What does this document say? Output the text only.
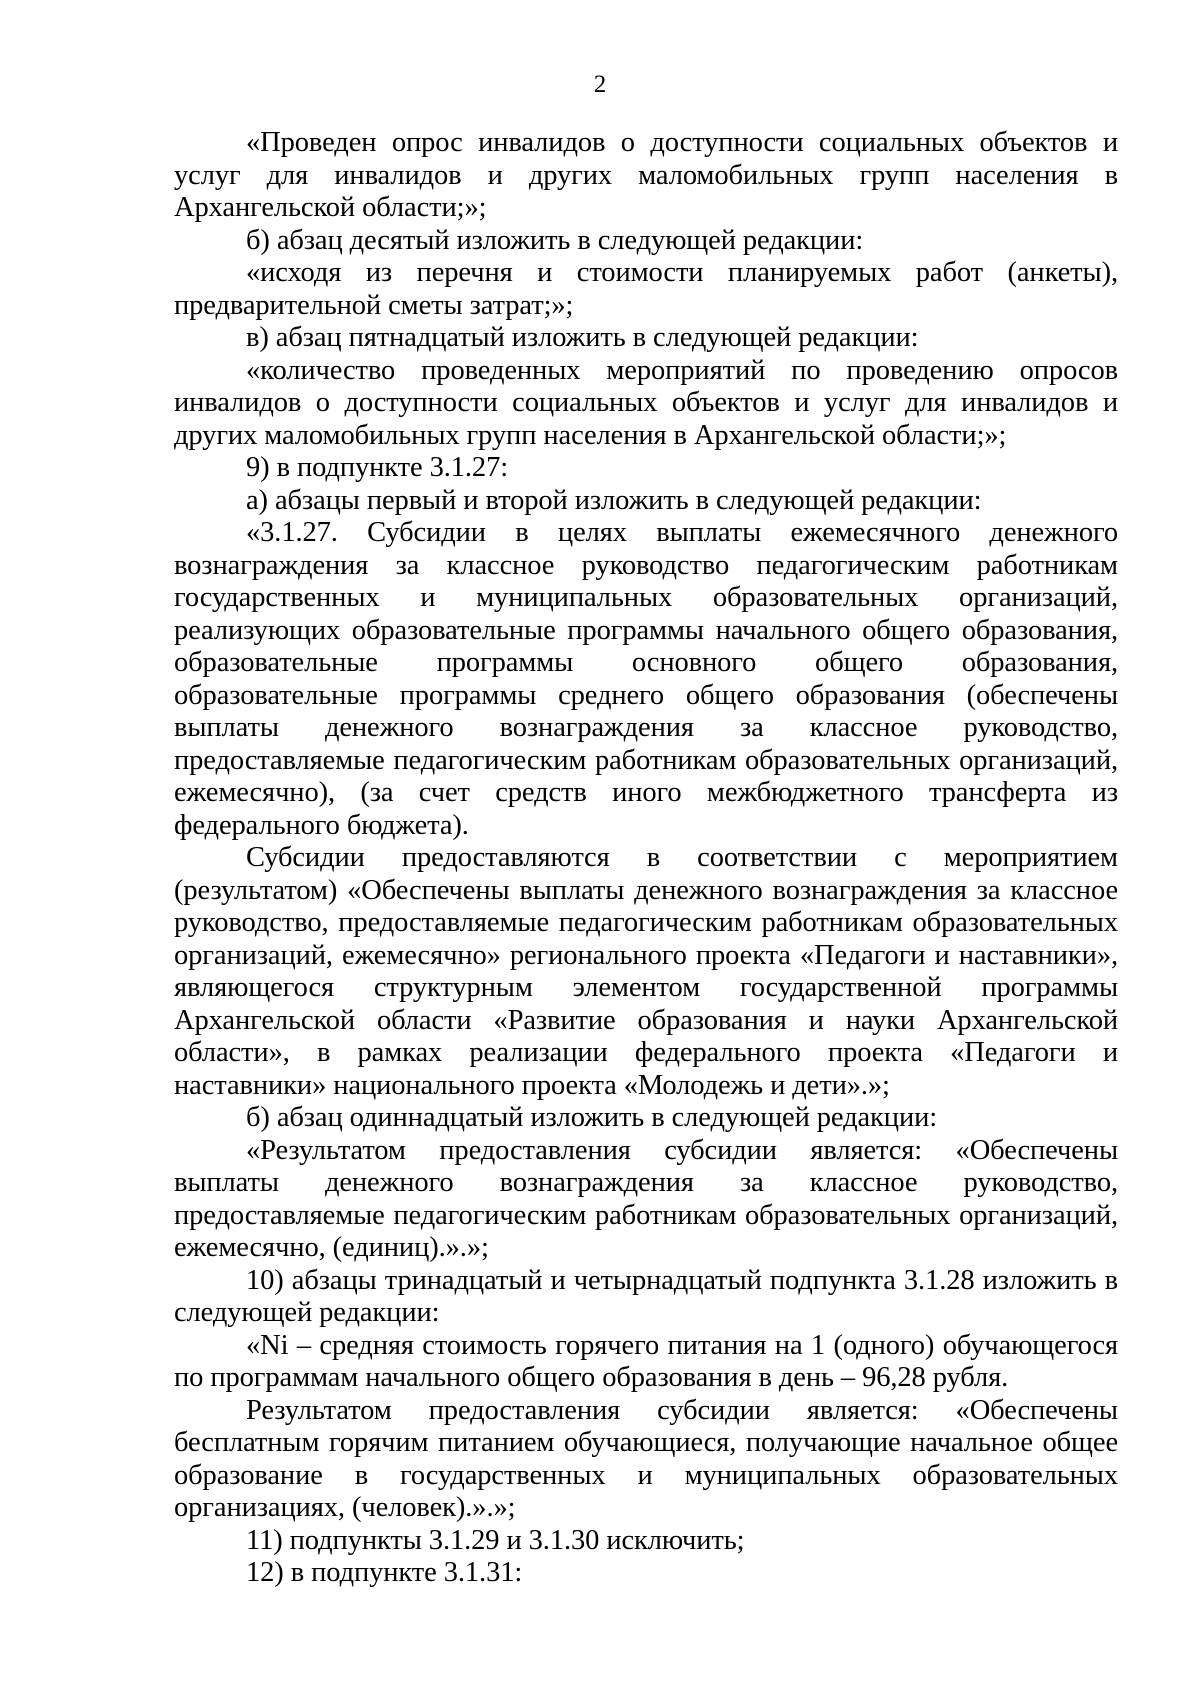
2

«Проведен опрос инвалидов о доступности социальных объектов и услуг для инвалидов и других маломобильных групп населения в Архангельской области;»;

б) абзац десятый изложить в следующей редакции:

«исходя из перечня и стоимости планируемых работ (анкеты), предварительной сметы затрат;»;

в) абзац пятнадцатый изложить в следующей редакции:

«количество проведенных мероприятий по проведению опросов инвалидов о доступности социальных объектов и услуг для инвалидов и других маломобильных групп населения в Архангельской области;»;

9) в подпункте 3.1.27:

а) абзацы первый и второй изложить в следующей редакции:

«3.1.27. Субсидии в целях выплаты ежемесячного денежного вознаграждения за классное руководство педагогическим работникам государственных и муниципальных образовательных организаций, реализующих образовательные программы начального общего образования, образовательные программы основного общего образования, образовательные программы среднего общего образования (обеспечены выплаты денежного вознаграждения за классное руководство, предоставляемые педагогическим работникам образовательных организаций, ежемесячно), (за счет средств иного межбюджетного трансферта из федерального бюджета).

Субсидии предоставляются в соответствии с мероприятием (результатом) «Обеспечены выплаты денежного вознаграждения за классное руководство, предоставляемые педагогическим работникам образовательных организаций, ежемесячно» регионального проекта «Педагоги и наставники», являющегося структурным элементом государственной программы Архангельской области «Развитие образования и науки Архангельской области», в рамках реализации федерального проекта «Педагоги и наставники» национального проекта «Молодежь и дети».»;

б) абзац одиннадцатый изложить в следующей редакции:

«Результатом предоставления субсидии является: «Обеспечены выплаты денежного вознаграждения за классное руководство, предоставляемые педагогическим работникам образовательных организаций, ежемесячно, (единиц).».»;

10) абзацы тринадцатый и четырнадцатый подпункта 3.1.28 изложить в следующей редакции:

«Ni – средняя стоимость горячего питания на 1 (одного) обучающегося по программам начального общего образования в день – 96,28 рубля.

Результатом предоставления субсидии является: «Обеспечены бесплатным горячим питанием обучающиеся, получающие начальное общее образование в государственных и муниципальных образовательных организациях, (человек).».»;

11) подпункты 3.1.29 и 3.1.30 исключить;

12) в подпункте 3.1.31:
